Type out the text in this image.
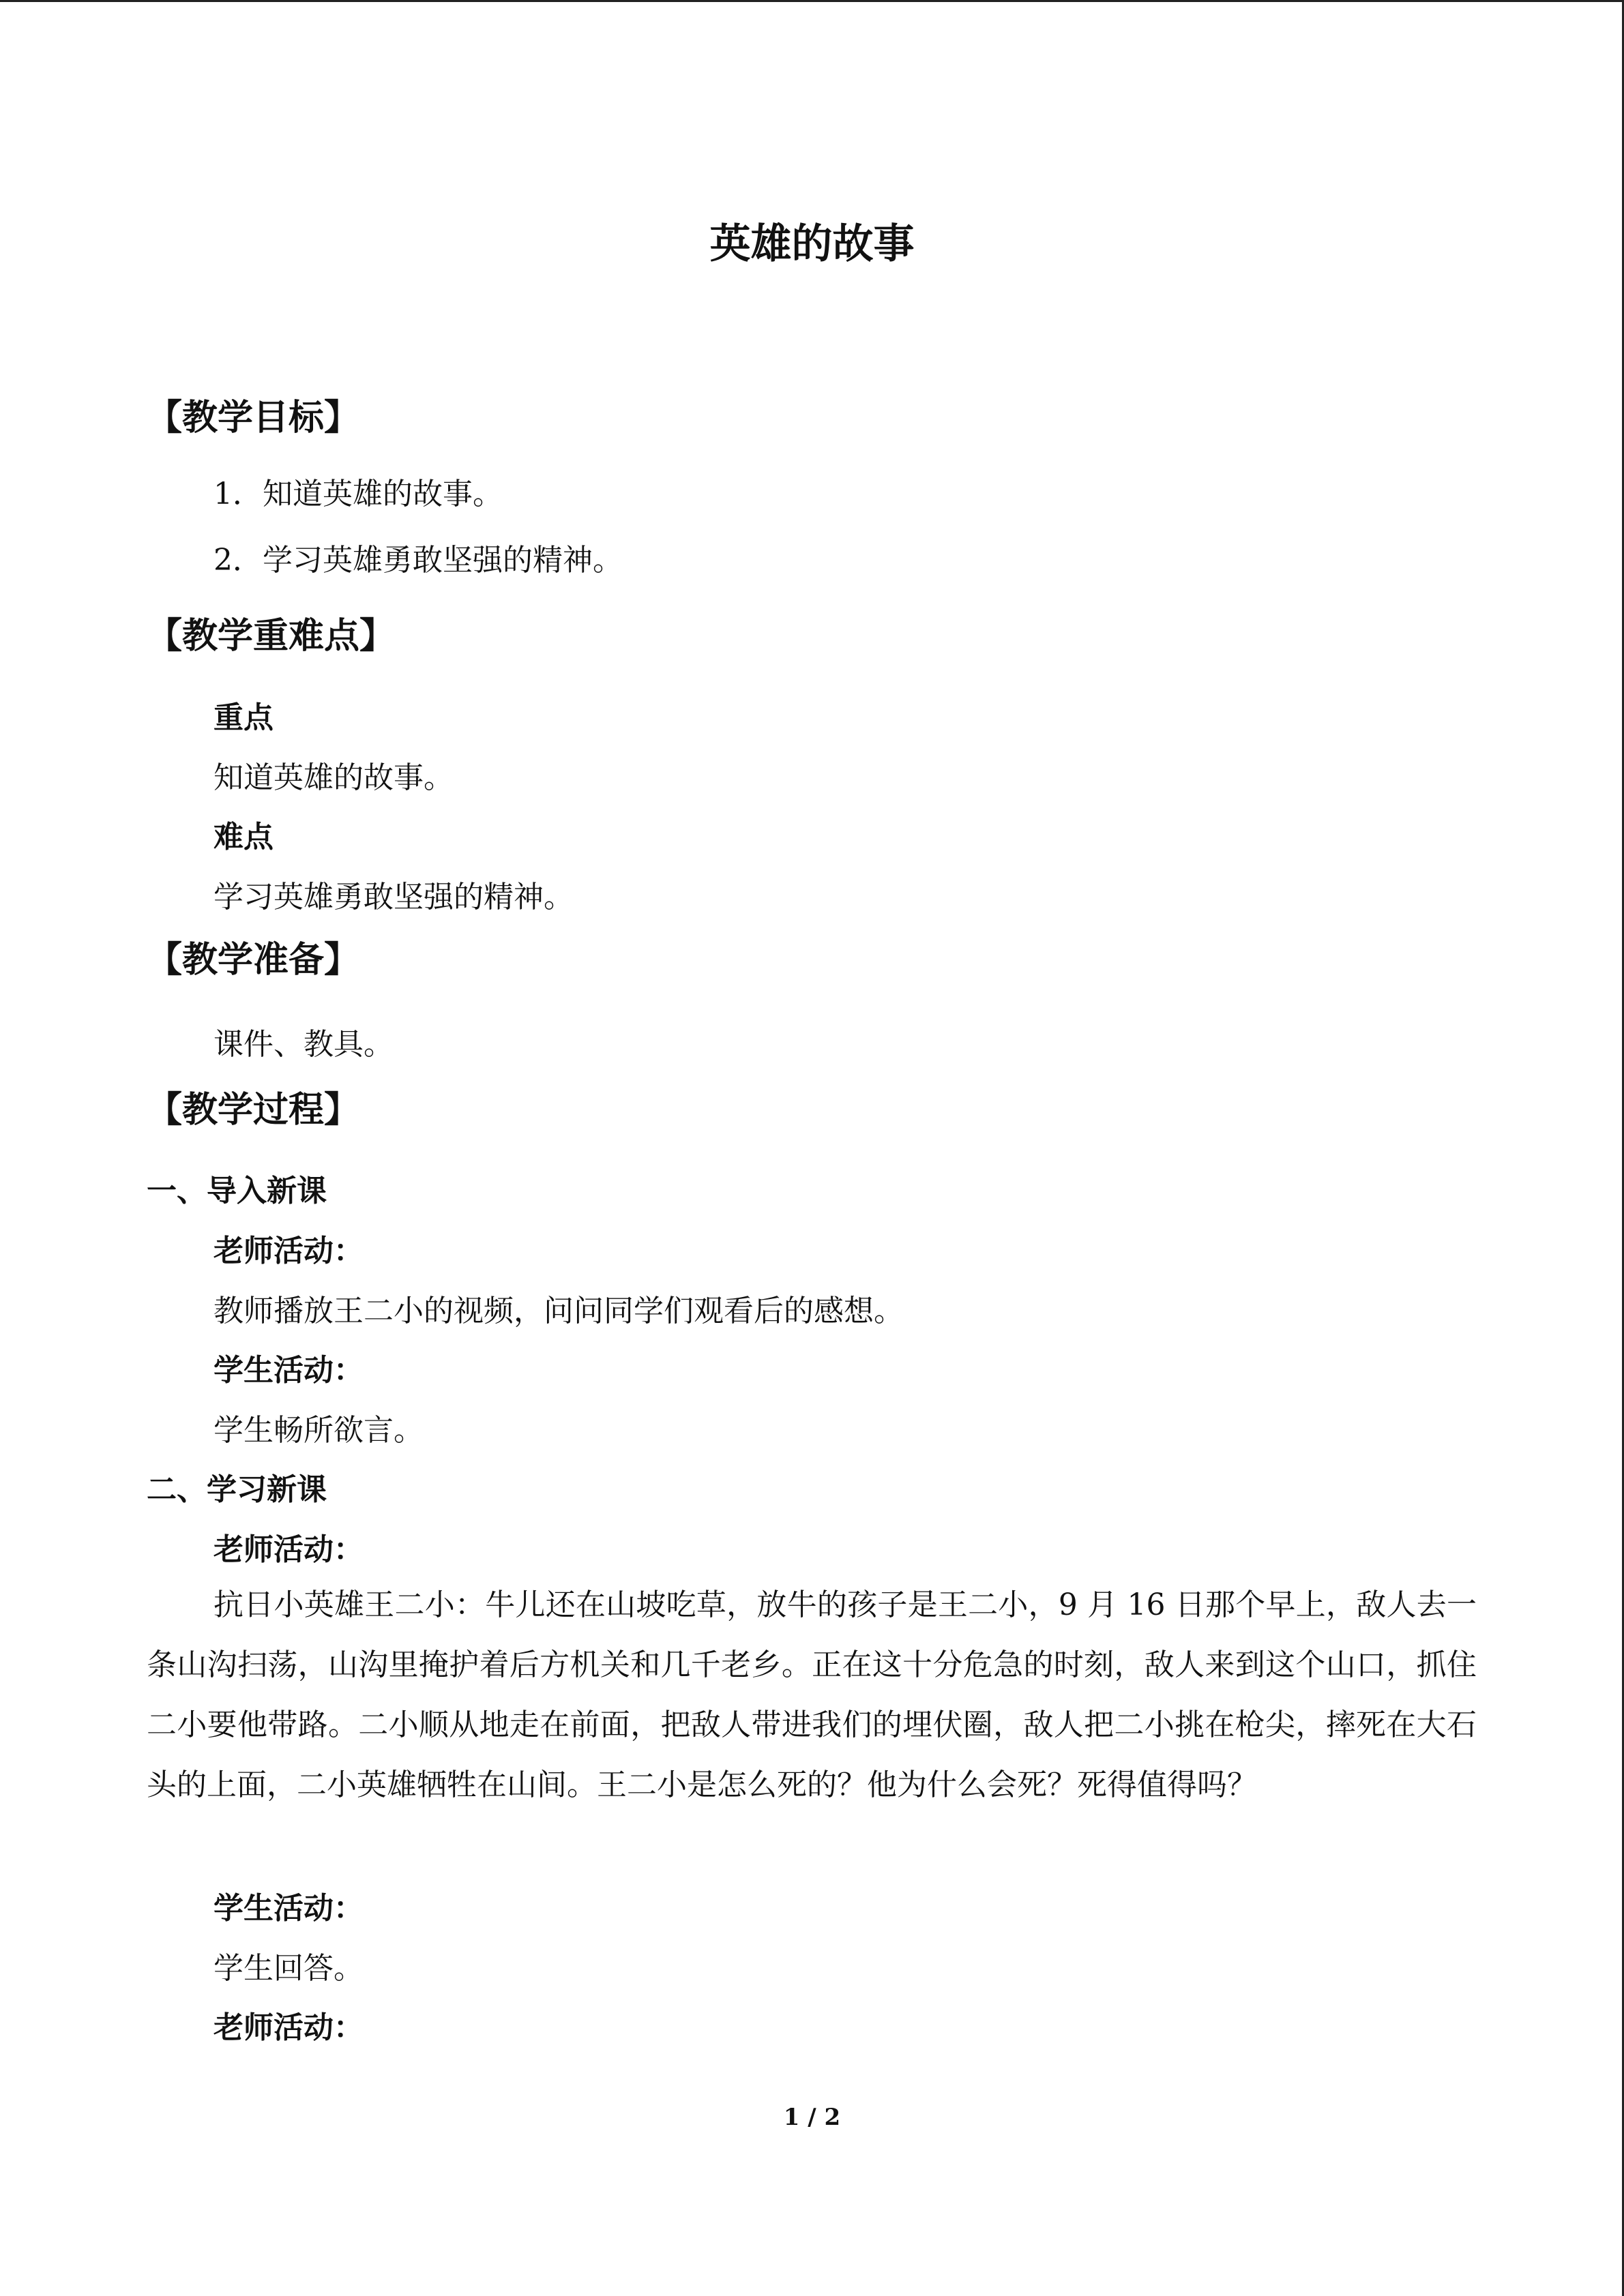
英雄的故事
【教学目标】
1．知道英雄的故事。
2．学习英雄勇敢坚强的精神。
【教学重难点】
重点
知道英雄的故事。
难点
学习英雄勇敢坚强的精神。
【教学准备】
课件、教具。
【教学过程】
一、导入新课
老师活动：
教师播放王二小的视频，问问同学们观看后的感想。
学生活动：
学生畅所欲言。
二、学习新课
老师活动：
抗日小英雄王二小：牛儿还在山坡吃草，放牛的孩子是王二小，9 月 16 日那个早上，敌人去一条山沟扫荡，山沟里掩护着后方机关和几千老乡。正在这十分危急的时刻，敌人来到这个山口，抓住二小要他带路。二小顺从地走在前面，把敌人带进我们的埋伏圈，敌人把二小挑在枪尖，摔死在大石头的上面，二小英雄牺牲在山间。王二小是怎么死的？他为什么会死？死得值得吗？
学生活动：
学生回答。
老师活动：
1 / 2
